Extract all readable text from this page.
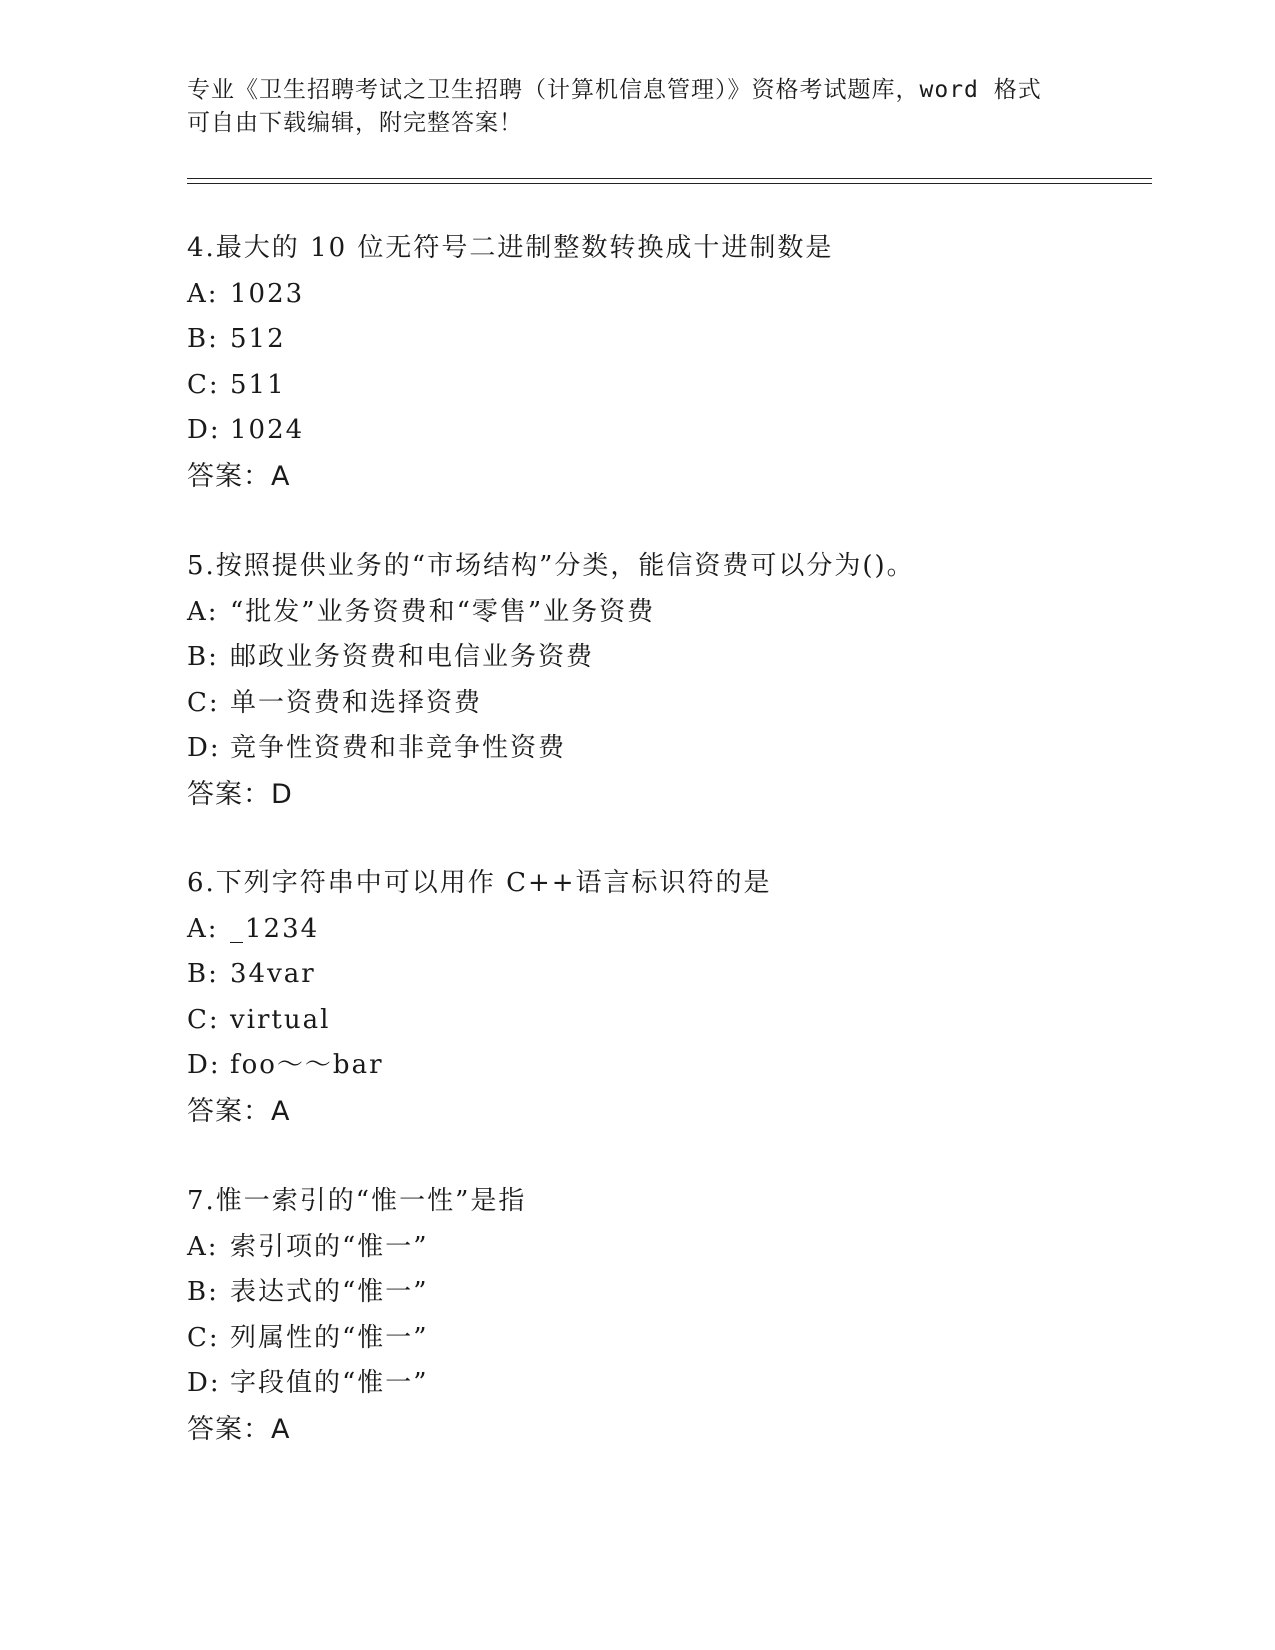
专业《卫生招聘考试之卫生招聘（计算机信息管理）》资格考试题库，word 格式
可自由下载编辑，附完整答案！
4.最大的 10 位无符号二进制整数转换成十进制数是
A: 1023
B: 512
C: 511
D: 1024
答案：A
5.按照提供业务的“市场结构”分类，能信资费可以分为()。
A: “批发”业务资费和“零售”业务资费
B: 邮政业务资费和电信业务资费
C: 单一资费和选择资费
D: 竞争性资费和非竞争性资费
答案：D
6.下列字符串中可以用作 C++语言标识符的是
A: _1234
B: 34var
C: virtual
D: foo～～bar
答案：A
7.惟一索引的“惟一性”是指
A: 索引项的“惟一”
B: 表达式的“惟一”
C: 列属性的“惟一”
D: 字段值的“惟一”
答案：A
